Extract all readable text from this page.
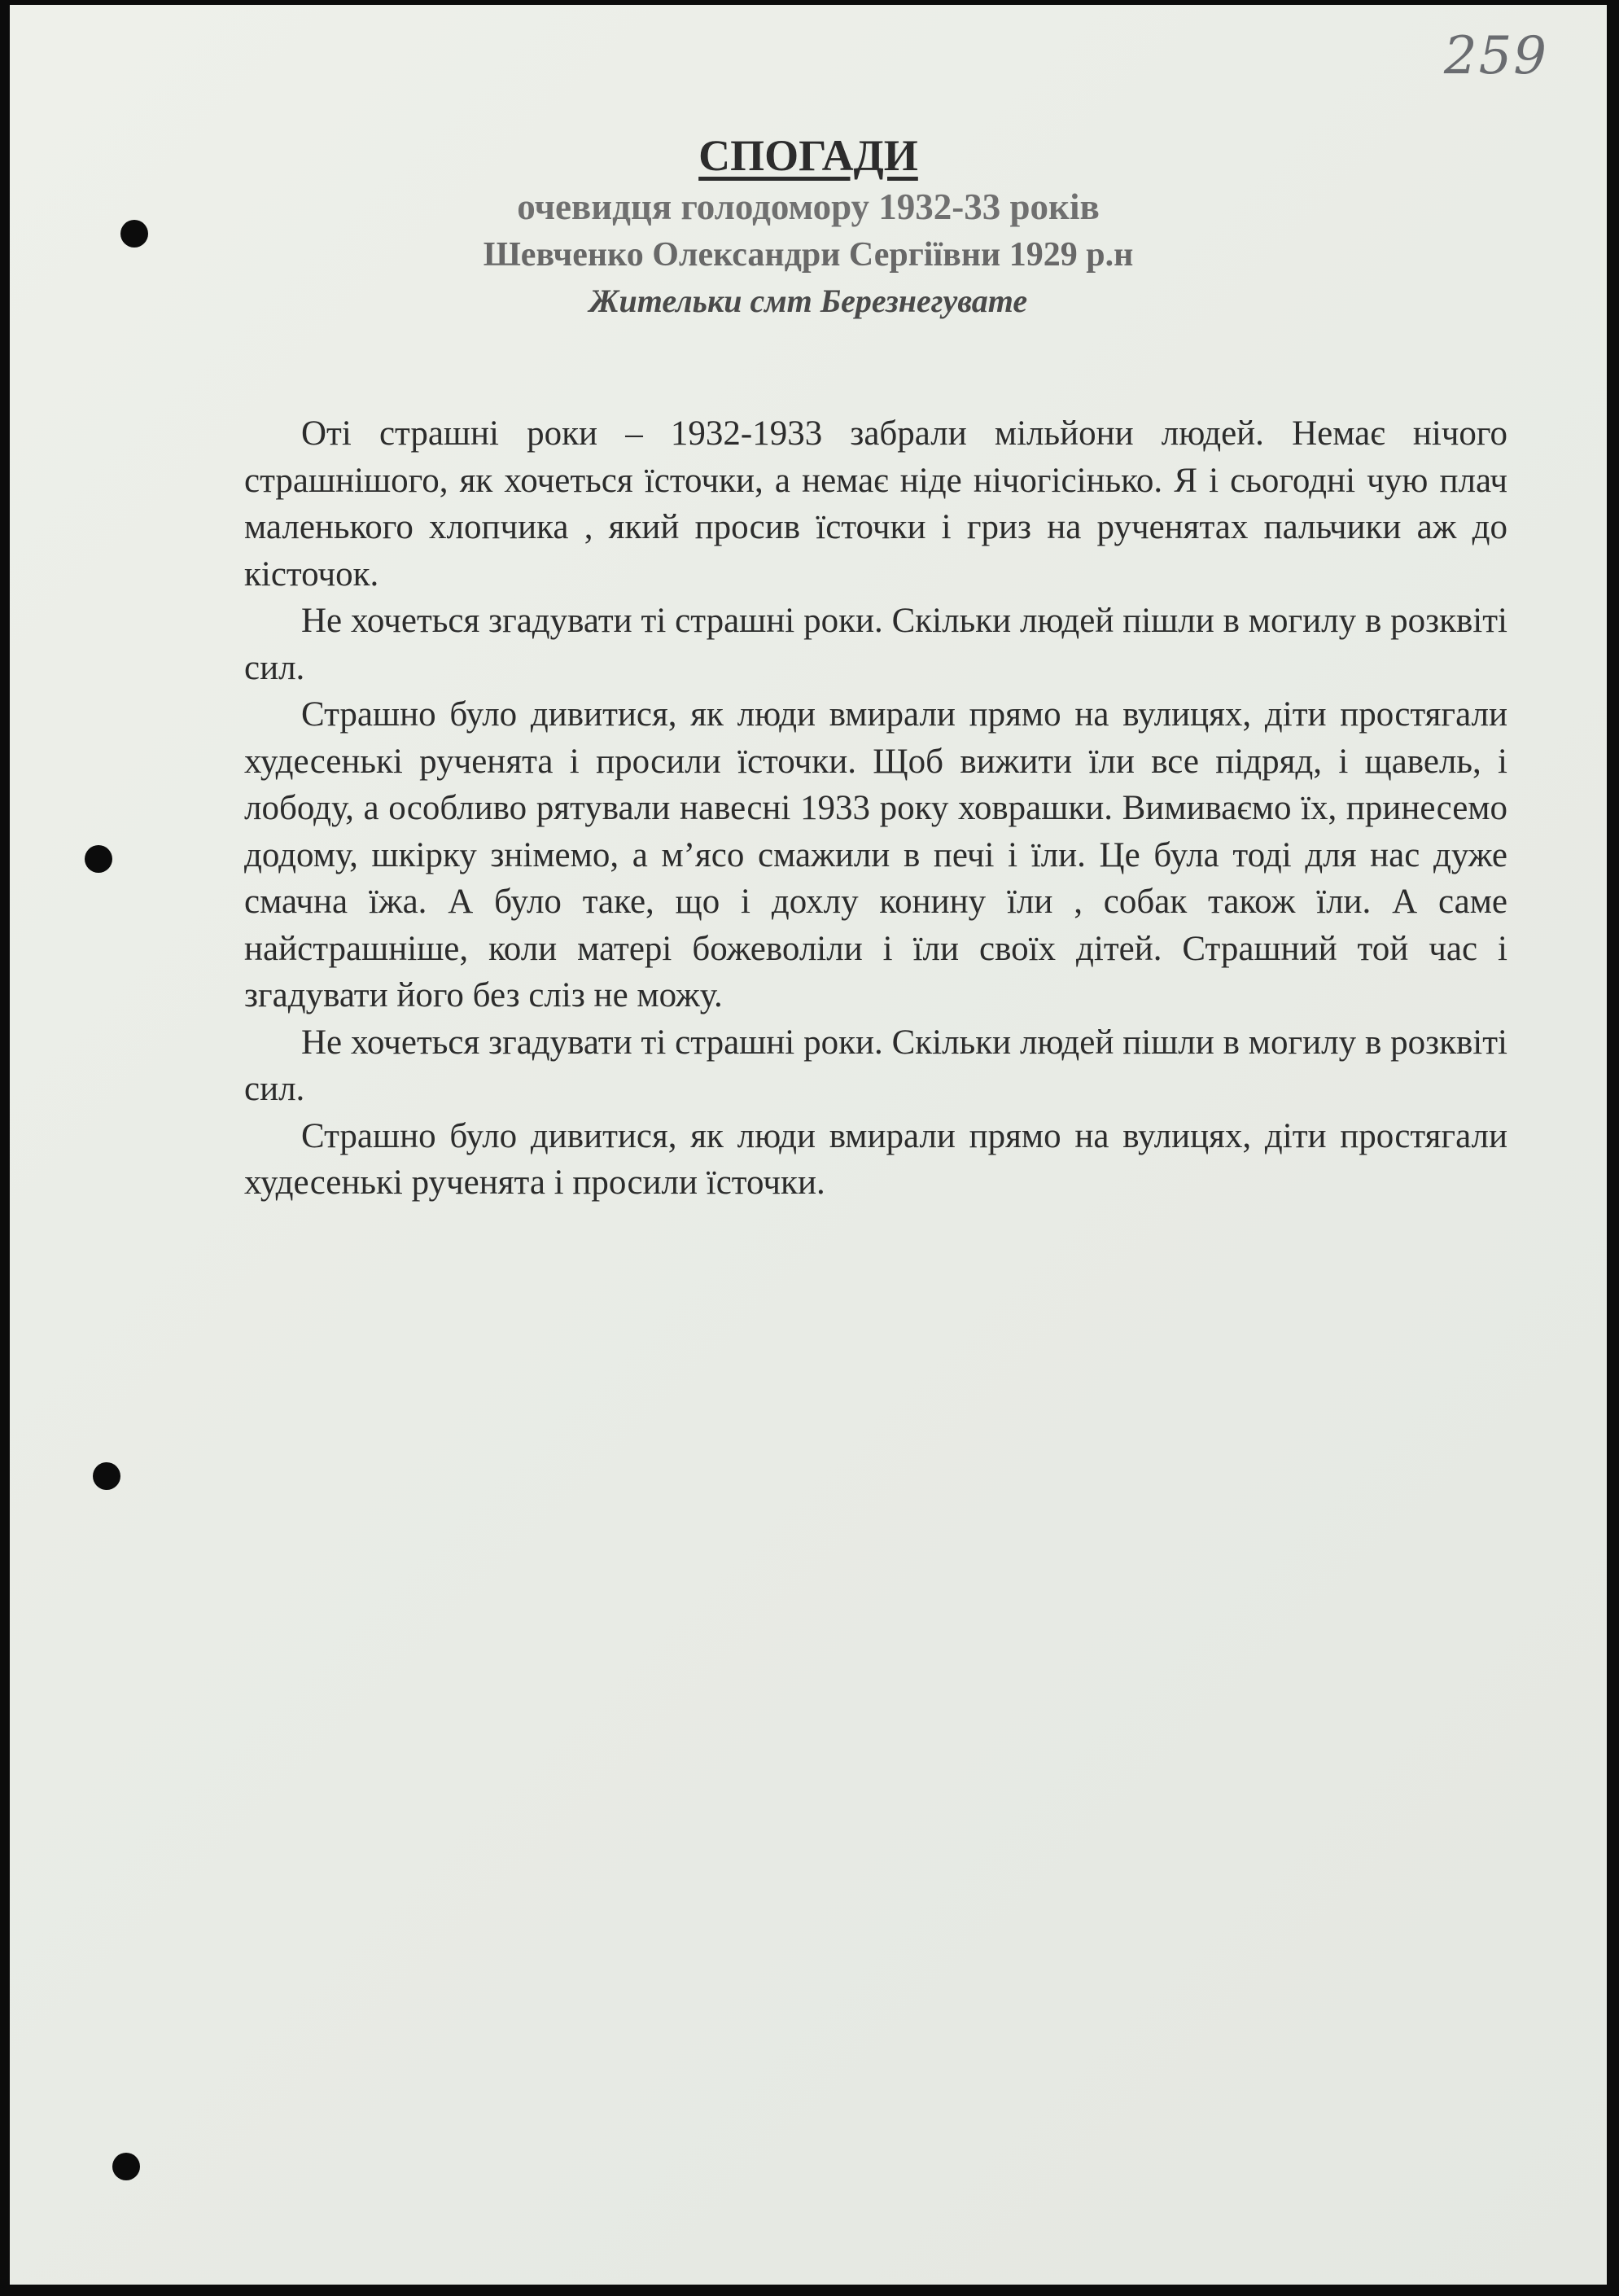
259
СПОГАДИ
очевидця голодомору 1932-33 років
Шевченко Олександри Сергіївни 1929 р.н
Жительки смт Березнегувате

Оті страшні роки – 1932-1933 забрали мільйони людей. Немає нічого страшнішого, як хочеться їсточки, а немає ніде нічогісінько. Я і сьогодні чую плач маленького хлопчика , який просив їсточки і гриз на рученятах пальчики аж до кісточок.

Не хочеться згадувати ті страшні роки. Скільки людей пішли в могилу в розквіті сил.

Страшно було дивитися, як люди вмирали прямо на вулицях, діти простягали худесенькі рученята і просили їсточки. Щоб вижити їли все підряд, і щавель, і лободу, а особливо рятували навесні 1933 року ховрашки. Вимиваємо їх, принесемо додому, шкірку знімемо, а м’ясо смажили в печі і їли. Це була тоді для нас дуже смачна їжа. А було таке, що і дохлу конину їли , собак також їли. А саме найстрашніше, коли матері божеволіли і їли своїх дітей. Страшний той час і згадувати його без сліз не можу.

Не хочеться згадувати ті страшні роки. Скільки людей пішли в могилу в розквіті сил.

Страшно було дивитися, як люди вмирали прямо на вулицях, діти простягали худесенькі рученята і просили їсточки.
